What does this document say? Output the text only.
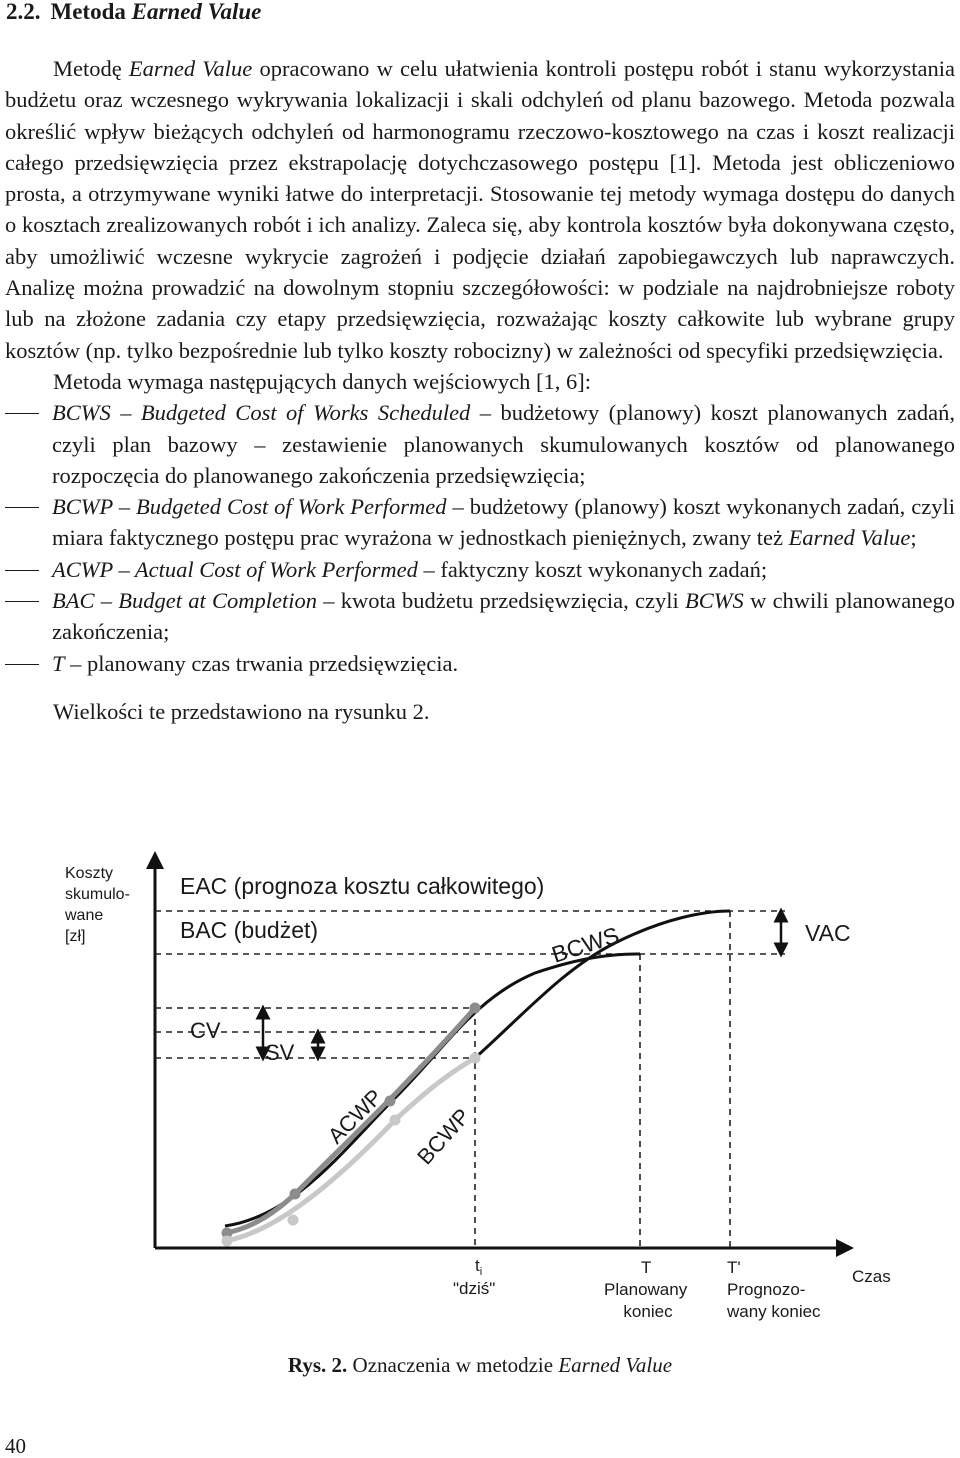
2.2. Metoda Earned Value

Metodę Earned Value opracowano w celu ułatwienia kontroli postępu robót i stanu wykorzystania budżetu oraz wczesnego wykrywania lokalizacji i skali odchyleń od planu bazowego. Metoda pozwala określić wpływ bieżących odchyleń od harmonogramu rzeczowo-kosztowego na czas i koszt realizacji całego przedsięwzięcia przez ekstrapolację dotychczasowego postępu [1]. Metoda jest obliczeniowo prosta, a otrzymywane wyniki łatwe do interpretacji. Stosowanie tej metody wymaga dostępu do danych o kosztach zrealizowanych robót i ich analizy. Zaleca się, aby kontrola kosztów była dokonywana często, aby umożliwić wczesne wykrycie zagrożeń i podjęcie działań zapobiegawczych lub naprawczych. Analizę można prowadzić na dowolnym stopniu szczegółowości: w podziale na najdrobniejsze roboty lub na złożone zadania czy etapy przedsięwzięcia, rozważając koszty całkowite lub wybrane grupy kosztów (np. tylko bezpośrednie lub tylko koszty robocizny) w zależności od specyfiki przedsięwzięcia.

Metoda wymaga następujących danych wejściowych [1, 6]:

BCWS – Budgeted Cost of Works Scheduled – budżetowy (planowy) koszt planowanych zadań, czyli plan bazowy – zestawienie planowanych skumulowanych kosztów od planowanego rozpoczęcia do planowanego zakończenia przedsięwzięcia;
BCWP – Budgeted Cost of Work Performed – budżetowy (planowy) koszt wykonanych zadań, czyli miara faktycznego postępu prac wyrażona w jednostkach pieniężnych, zwany też Earned Value;
ACWP – Actual Cost of Work Performed – faktyczny koszt wykonanych zadań;
BAC – Budget at Completion – kwota budżetu przedsięwzięcia, czyli BCWS w chwili planowanego zakończenia;
T – planowany czas trwania przedsięwzięcia.

Wielkości te przedstawiono na rysunku 2.

Koszty skumulo- wane [zł]
EAC (prognoza kosztu całkowitego)
BAC (budżet)	VAC
CV
SV
BCWS
ACWP BCWP
$t_i$
"dziś"
T
Planowany koniec
T'
Prognozo- wany koniec
Czas
Rys. 2. Oznaczenia w metodzie Earned Value
40
